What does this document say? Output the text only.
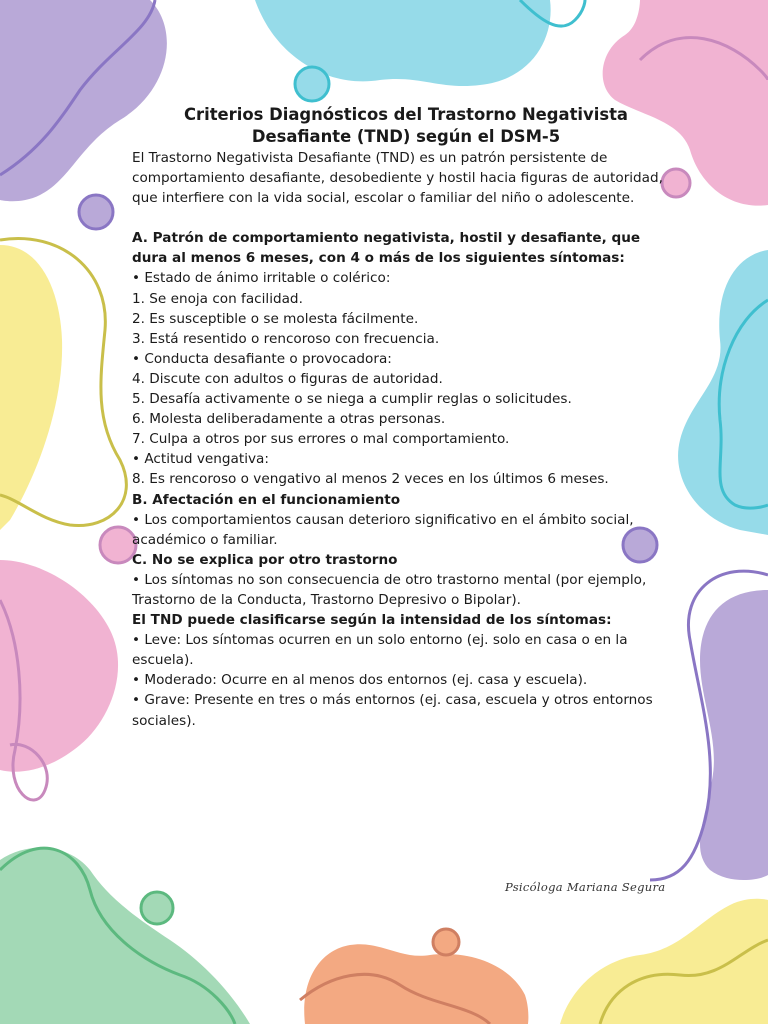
Criterios Diagnósticos del Trastorno Negativista Desafiante (TND) según el DSM-5

El Trastorno Negativista Desafiante (TND) es un patrón persistente de comportamiento desafiante, desobediente y hostil hacia figuras de autoridad, que interfiere con la vida social, escolar o familiar del niño o adolescente.

A. Patrón de comportamiento negativista, hostil y desafiante, que dura al menos 6 meses, con 4 o más de los siguientes síntomas:

• Estado de ánimo irritable o colérico:

1. Se enoja con facilidad.

2. Es susceptible o se molesta fácilmente.

3. Está resentido o rencoroso con frecuencia.

• Conducta desafiante o provocadora:

4. Discute con adultos o figuras de autoridad.

5. Desafía activamente o se niega a cumplir reglas o solicitudes.

6. Molesta deliberadamente a otras personas.

7. Culpa a otros por sus errores o mal comportamiento.

• Actitud vengativa:

8. Es rencoroso o vengativo al menos 2 veces en los últimos 6 meses.

B. Afectación en el funcionamiento

• Los comportamientos causan deterioro significativo en el ámbito social, académico o familiar.

C. No se explica por otro trastorno

• Los síntomas no son consecuencia de otro trastorno mental (por ejemplo, Trastorno de la Conducta, Trastorno Depresivo o Bipolar).

El TND puede clasificarse según la intensidad de los síntomas:

• Leve: Los síntomas ocurren en un solo entorno (ej. solo en casa o en la escuela).

• Moderado: Ocurre en al menos dos entornos (ej. casa y escuela).

• Grave: Presente en tres o más entornos (ej. casa, escuela y otros entornos sociales).

Psicóloga Mariana Segura
